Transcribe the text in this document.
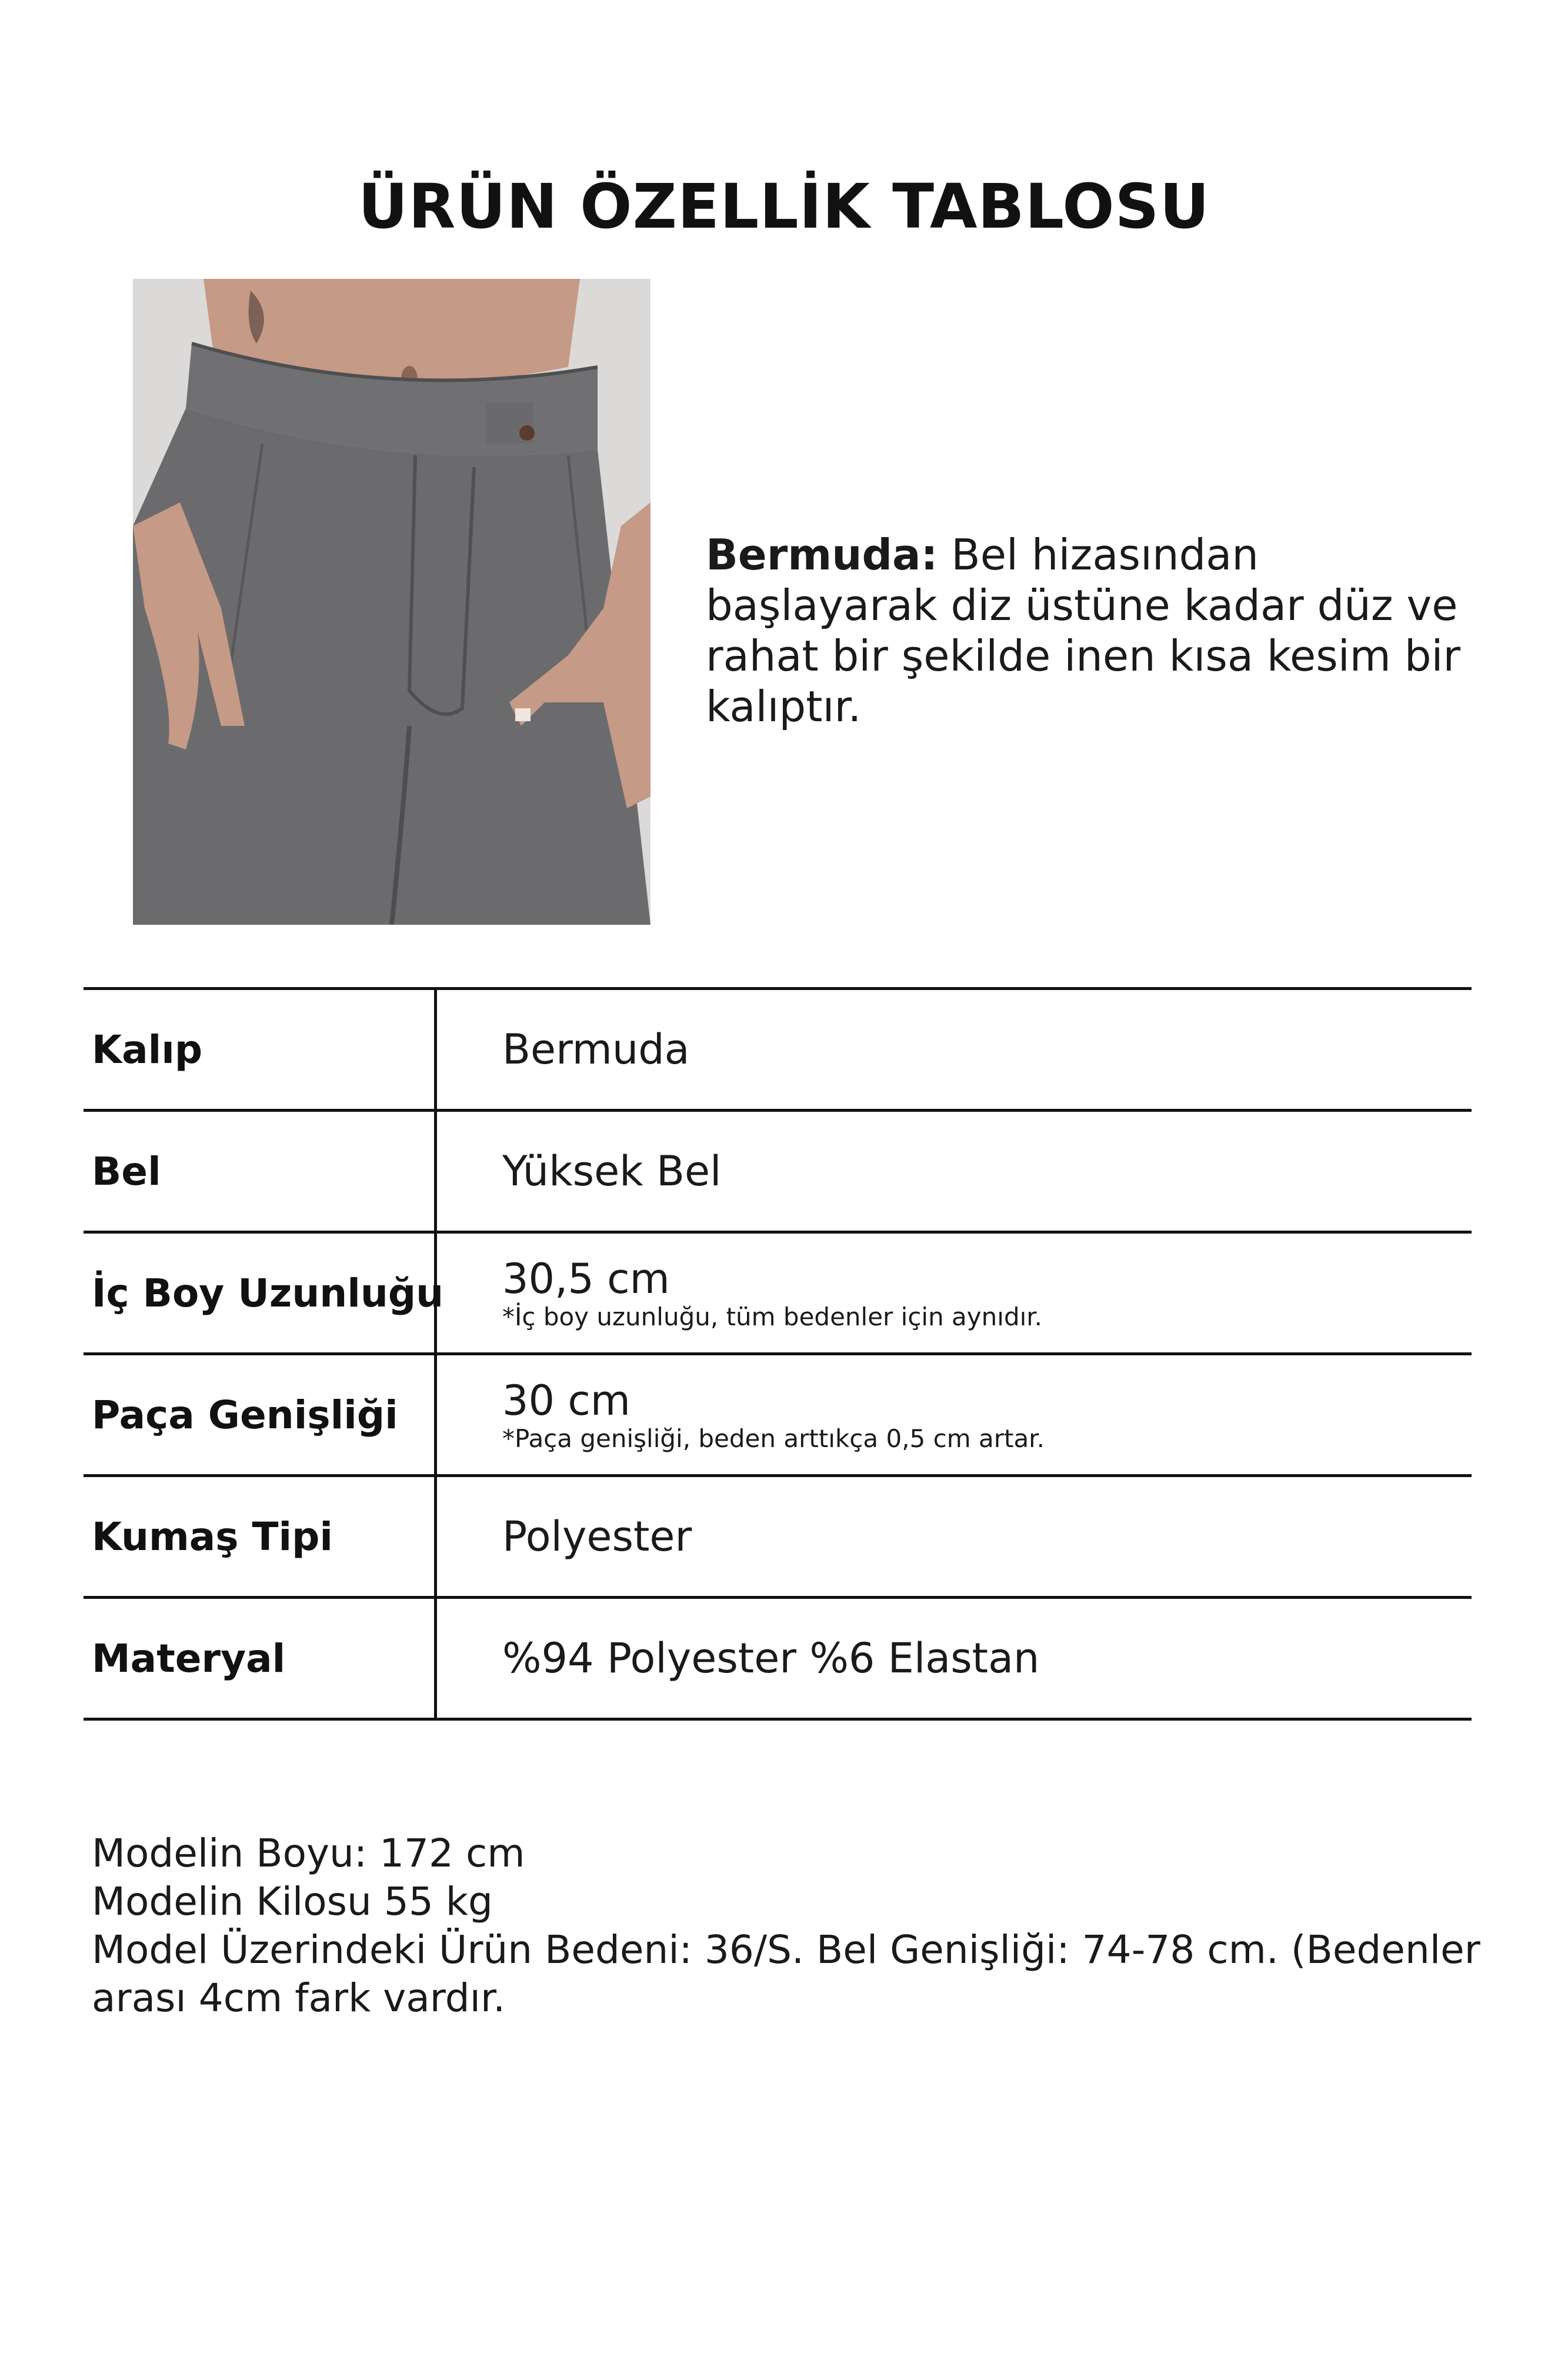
ÜRÜN ÖZELLİK TABLOSU
Bermuda: Bel hizasından başlayarak diz üstüne kadar düz ve rahat bir şekilde inen kısa kesim bir kalıptır.
Kalıp	Bermuda
Bel	Yüksek Bel
İç Boy Uzunluğu 30,5 cm
*İç boy uzunluğu, tüm bedenler için aynıdır.
Paça Genişliği	30 cm
*Paça genişliği, beden arttıkça 0,5 cm artar.
Kumaş Tipi	Polyester
Materyal	%94 Polyester %6 Elastan
Modelin Boyu: 172 cm
Modelin Kilosu 55 kg
Model Üzerindeki Ürün Bedeni: 36/S. Bel Genişliği: 74-78 cm. (Bedenler arası 4cm fark vardır.
